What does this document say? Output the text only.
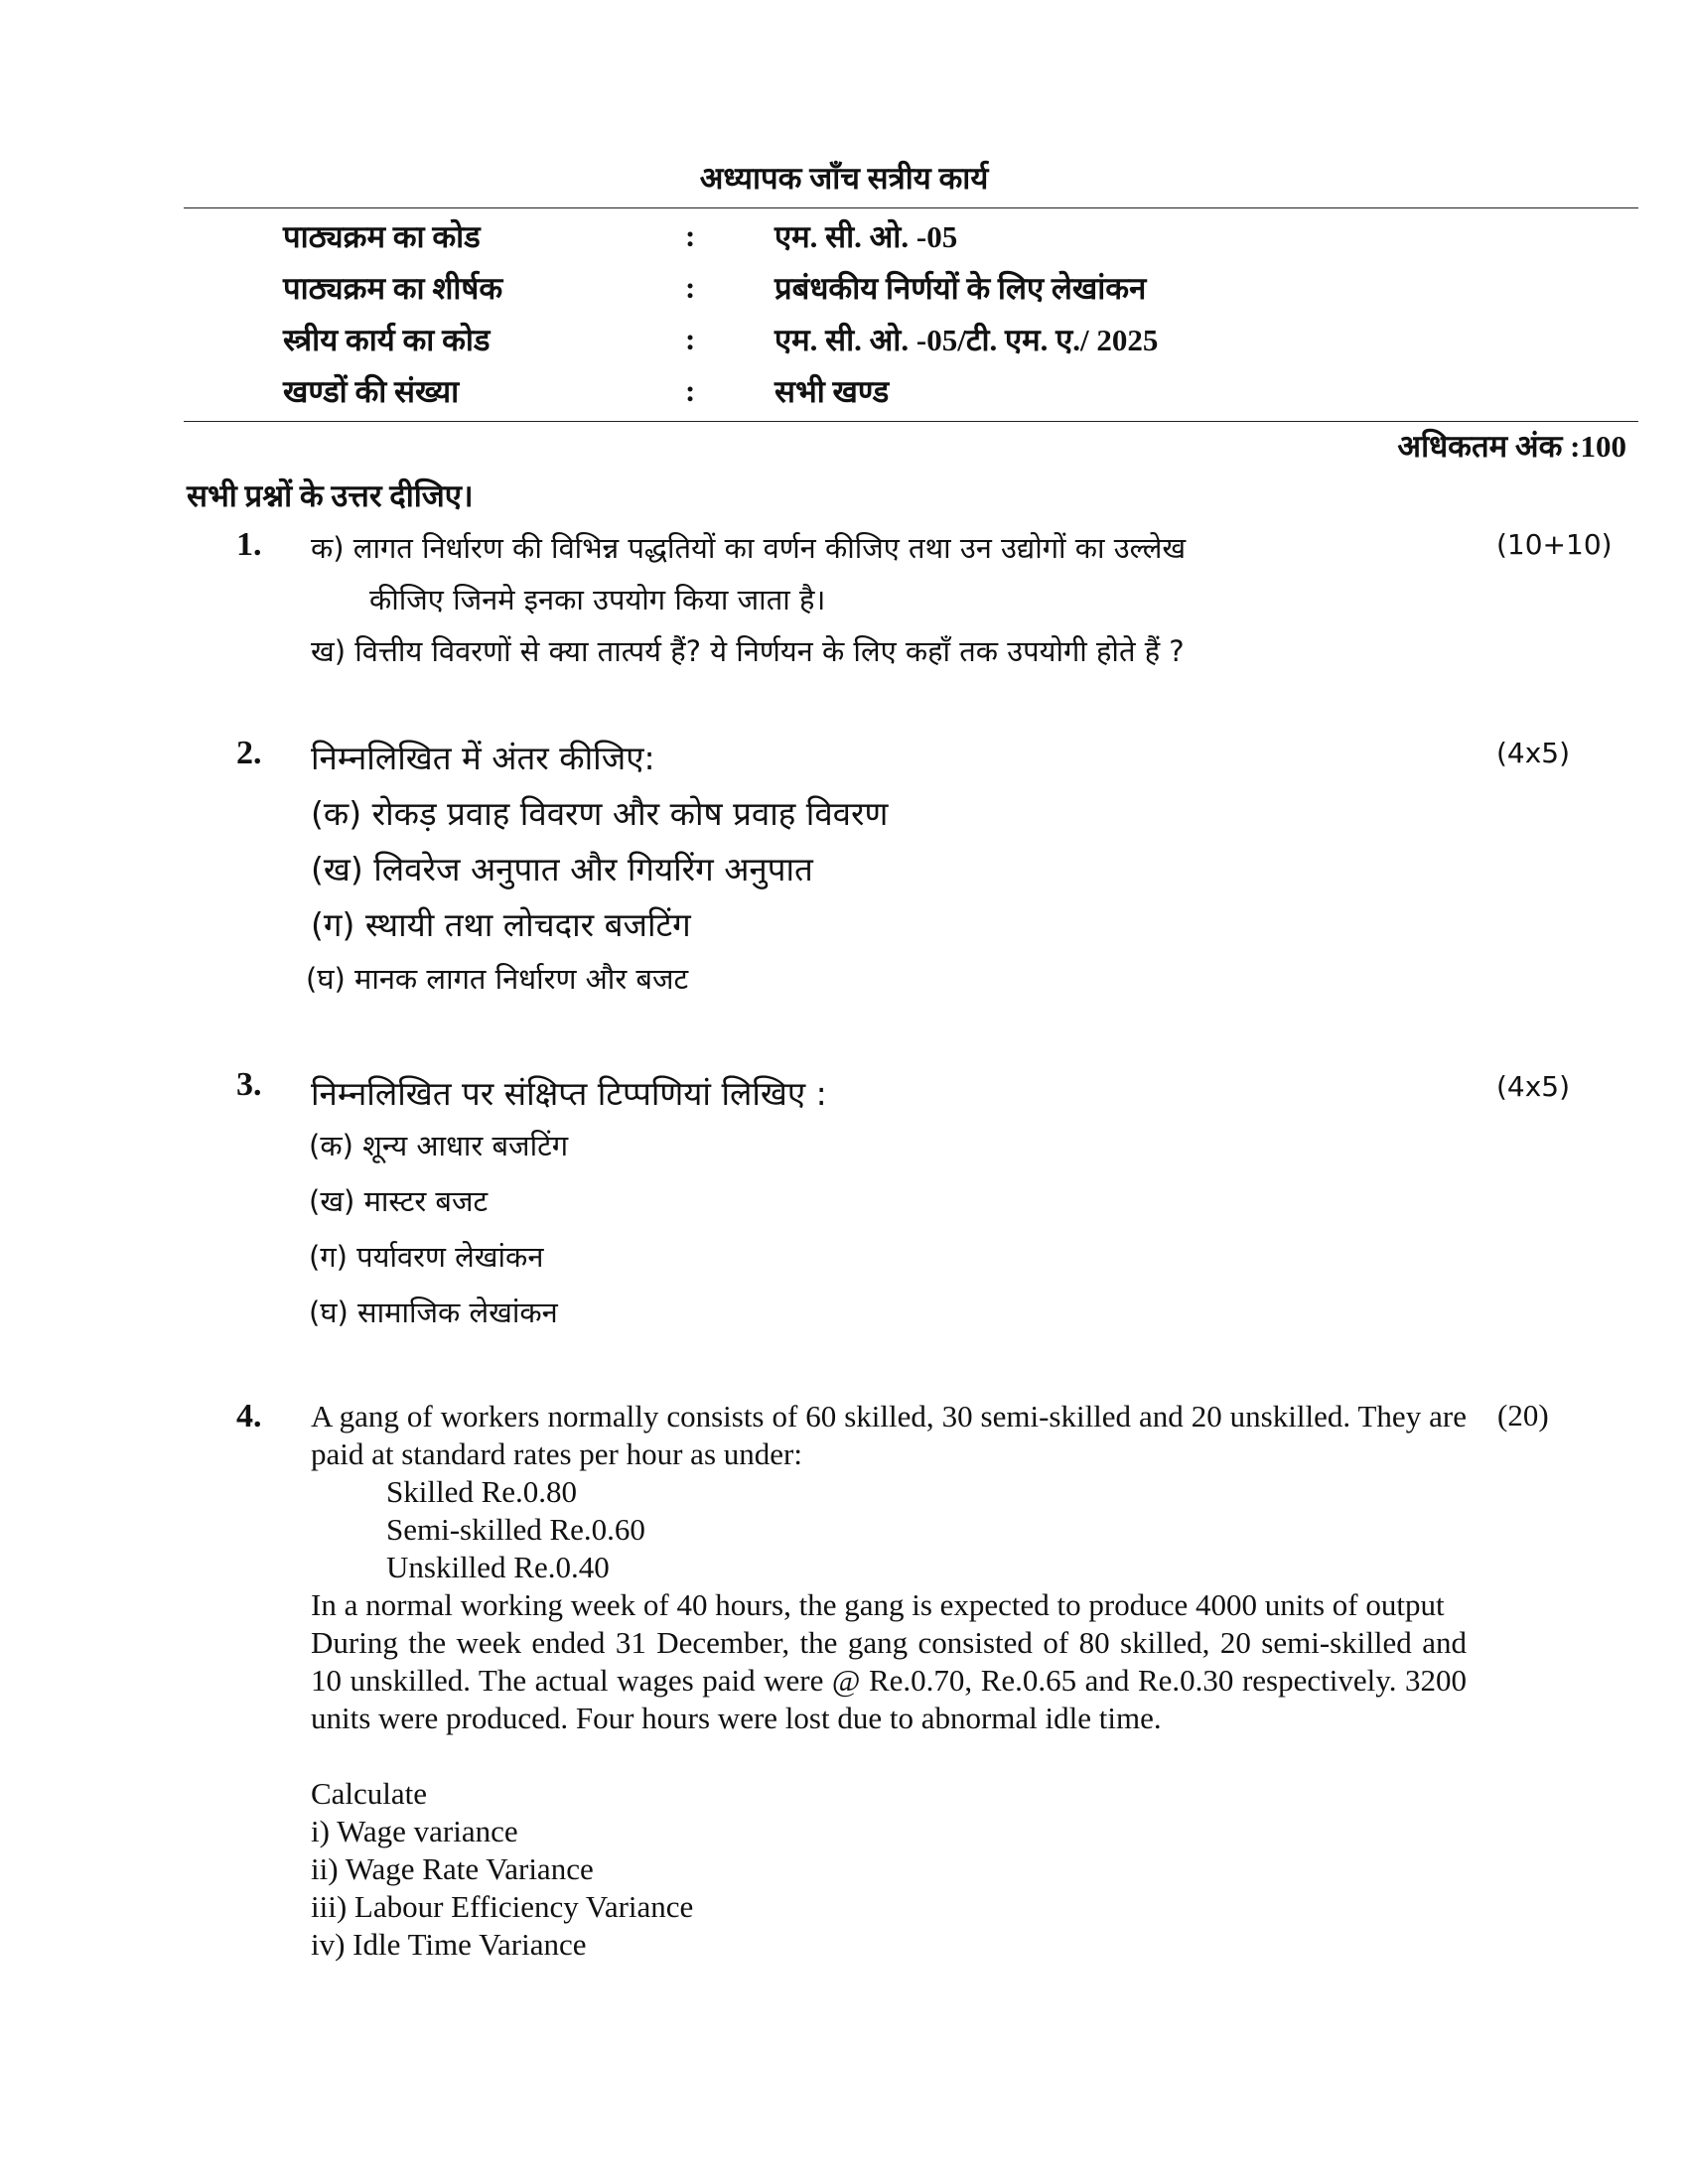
अध्यापक जाँच सत्रीय कार्य
पाठ्यक्रम का कोड	:	एम. सी. ओ. -05
पाठ्यक्रम का शीर्षक	:	प्रबंधकीय निर्णयों के लिए लेखांकन
स्त्रीय कार्य का कोड	:	एम. सी. ओ. -05/टी. एम. ए./ 2025
खण्डों की संख्या	:	सभी खण्ड
अधिकतम अंक :100
सभी प्रश्नों के उत्तर दीजिए।
1.	(10+10)
क) लागत निर्धारण की विभिन्न पद्धतियों का वर्णन कीजिए तथा उन उद्योगों का उल्लेख
कीजिए जिनमे इनका उपयोग किया जाता है।
ख) वित्तीय विवरणों से क्या तात्पर्य हैं? ये निर्णयन के लिए कहाँ तक उपयोगी होते हैं ?
2.	(4x5)
निम्नलिखित में अंतर कीजिए:
(क) रोकड़ प्रवाह विवरण और कोष प्रवाह विवरण
(ख) लिवरेज अनुपात और गियरिंग अनुपात
(ग) स्थायी तथा लोचदार बजटिंग
(घ) मानक लागत निर्धारण और बजट
3.	(4x5)
निम्नलिखित पर संक्षिप्त टिप्पणियां लिखिए :
(क) शून्य आधार बजटिंग
(ख) मास्टर बजट
(ग) पर्यावरण लेखांकन
(घ) सामाजिक लेखांकन
4.	(20)

A gang of workers normally consists of 60 skilled, 30 semi-skilled and 20 unskilled. They are paid at standard rates per hour as under:

Skilled Re.0.80

Semi-skilled Re.0.60

Unskilled Re.0.40

In a normal working week of 40 hours, the gang is expected to produce 4000 units of output

During the week ended 31 December, the gang consisted of 80 skilled, 20 semi-skilled and 10 unskilled. The actual wages paid were @ Re.0.70, Re.0.65 and Re.0.30 respectively. 3200 units were produced. Four hours were lost due to abnormal idle time.

Calculate

i) Wage variance

ii) Wage Rate Variance

iii) Labour Efficiency Variance

iv) Idle Time Variance
